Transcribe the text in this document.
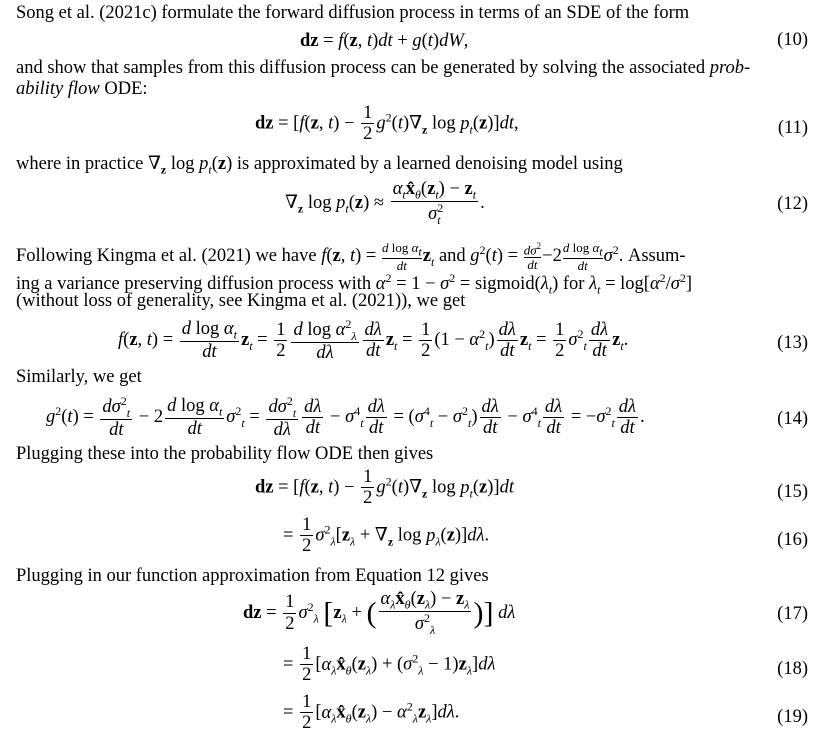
Song et al. (2021c) formulate the forward diffusion process in terms of an SDE of the form
dz = f(z, t)dt + g(t)dW,	(10)
and show that samples from this diffusion process can be generated by solving the associated prob-
ability flow ODE:
dz = [f(z, $t) - \frac{1}{2} g^2(t)\nabla_z$ $\log p_t(z)]dt$,	(11)
where in practice $\nabla_z$ $\log p_t(z)$ is approximated by a learned denoising model using
$\nabla_z$ $\log p_t(z) \approx \frac{\alpha_tx̂_\theta(z_t) - z_t}{\sigma^2_t}$ .	(12)
Following Kingma et al. (2021) we have f(z, $t) = \frac{d \log \alpha_t}{dt} z_t$ and $g^2(t) = \frac{d\sigma^2}{dt} -2 \frac{d \log \alpha_t}{dt} \sigma^2$. Assum-
ing a variance preserving diffusion process with $\alpha^2 = 1 - \sigma^2$ = $sigmoid(\lambda_t)$ for $\lambda_t = \log[\alpha^2/\sigma^2]$
(without loss of generality, see Kingma et al. (2021)), we get
f(z, $t) = \frac{d \log \alpha_t}{dt} z_t = \frac{1}{2} \frac{d \log \alpha^2_\lambda}{d\lambda} \frac{d\lambda}{dt} z_t = \frac{1}{2} (1 - \alpha^2_t) \frac{d\lambda}{dt} z_t = \frac{1}{2} \sigma^2_t \frac{d\lambda}{dt} z_t$.	(13)
Similarly, we get
$g^2(t) = \frac{d\sigma^2_t}{dt} - 2 \frac{d \log \alpha_t}{dt} \sigma^2_t = \frac{d\sigma^2_t}{d\lambda} \frac{d\lambda}{dt} - \sigma^4_t \frac{d\lambda}{dt} = (\sigma^4_t - \sigma^2_t) \frac{d\lambda}{dt} - \sigma^4_t \frac{d\lambda}{dt} = -\sigma^2_t \frac{d\lambda}{dt}$ .	(14)
Plugging these into the probability flow ODE then gives
dz = [f(z, $t) - \frac{1}{2} g^2(t)\nabla_z$ $\log p_t(z)]dt$	(15)
= $\frac{1}{2} \sigma^2_\lambda[z_\lambda + \nabla_z$ $\log p_\lambda(z)]d\lambda$.	(16)
Plugging in our function approximation from Equation 12 gives
dz = $\frac{1}{2} \sigma^2_\lambda$ [$z_\lambda$ + ( $\frac{\alpha_\lambda x̂_\theta(z_\lambda) - z_\lambda}{\sigma^2_\lambda}$ )] dλ	(17)
= $\frac{1}{2}$ $[\alpha_\lambda x̂_\theta(z_\lambda) + (\sigma^2_\lambda - 1)z_\lambda]d\lambda$	(18)
= $\frac{1}{2}$ $[\alpha_\lambda x̂_\theta(z_\lambda) - \alpha^2_\lambda z_\lambda]d\lambda$.	(19)
